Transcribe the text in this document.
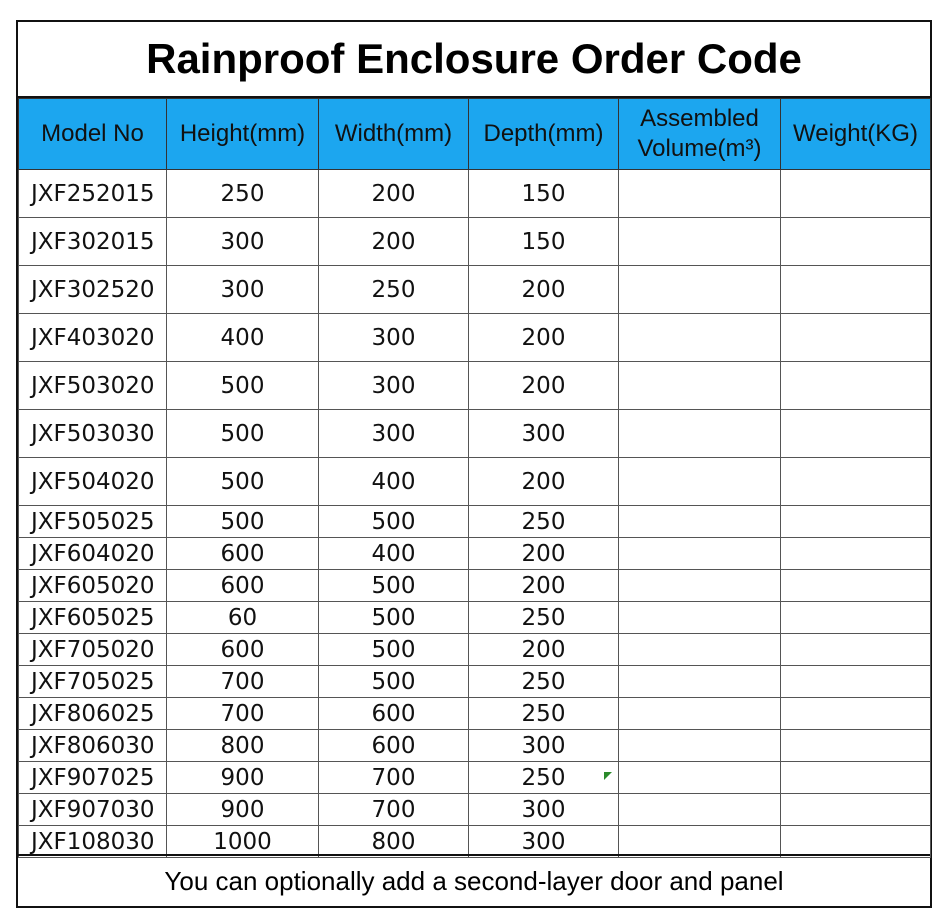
Rainproof Enclosure Order Code
Model No	Height(mm)	Width(mm)	Depth(mm)	Assembled Volume(m³)	Weight(KG)
JXF252015	250	200	150		
JXF302015	300	200	150		
JXF302520	300	250	200		
JXF403020	400	300	200		
JXF503020	500	300	200		
JXF503030	500	300	300		
JXF504020	500	400	200		
JXF505025	500	500	250		
JXF604020	600	400	200		
JXF605020	600	500	200		
JXF605025	60	500	250		
JXF705020	600	500	200		
JXF705025	700	500	250		
JXF806025	700	600	250		
JXF806030	800	600	300		
JXF907025	900	700	250		
JXF907030	900	700	300		
JXF108030	1000	800	300		
You can optionally add a second-layer door and panel
